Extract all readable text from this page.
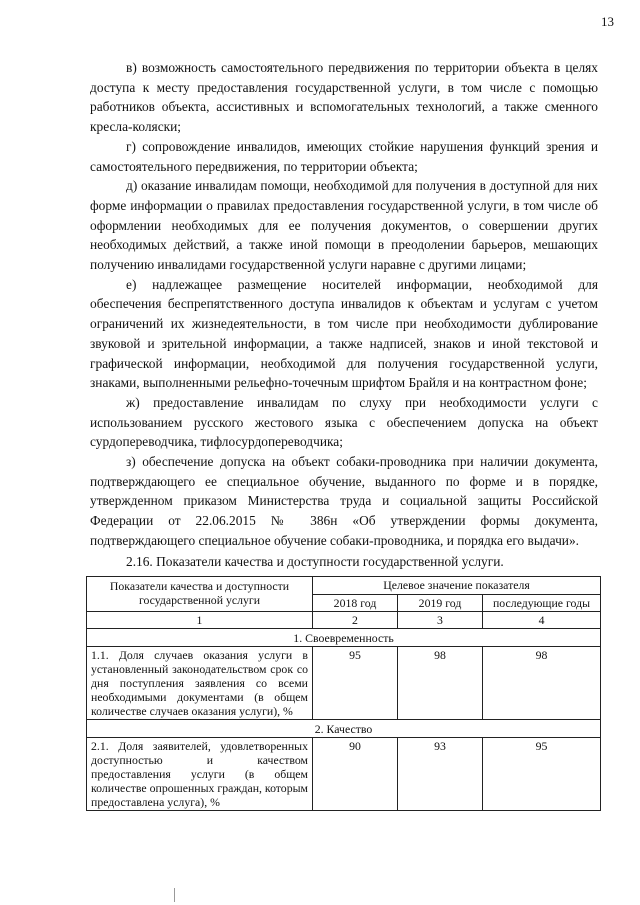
13

в) возможность самостоятельного передвижения по территории объекта в целях доступа к месту предоставления государственной услуги, в том числе с помощью работников объекта, ассистивных и вспомогательных технологий, а также сменного кресла-коляски;

г) сопровождение инвалидов, имеющих стойкие нарушения функций зрения и самостоятельного передвижения, по территории объекта;

д) оказание инвалидам помощи, необходимой для получения в доступной для них форме информации о правилах предоставления государственной услуги, в том числе об оформлении необходимых для ее получения документов, о совершении других необходимых действий, а также иной помощи в преодолении барьеров, мешающих получению инвалидами государственной услуги наравне с другими лицами;

е) надлежащее размещение носителей информации, необходимой для обеспечения беспрепятственного доступа инвалидов к объектам и услугам с учетом ограничений их жизнедеятельности, в том числе при необходимости дублирование звуковой и зрительной информации, а также надписей, знаков и иной текстовой и графической информации, необходимой для получения государственной услуги, знаками, выполненными рельефно-точечным шрифтом Брайля и на контрастном фоне;

ж) предоставление инвалидам по слуху при необходимости услуги с использованием русского жестового языка с обеспечением допуска на объект сурдопереводчика, тифлосурдопереводчика;

з) обеспечение допуска на объект собаки-проводника при наличии документа, подтверждающего ее специальное обучение, выданного по форме и в порядке, утвержденном приказом Министерства труда и социальной защиты Российской Федерации от 22.06.2015 № 386н «Об утверждении формы документа, подтверждающего специальное обучение собаки-проводника, и порядка его выдачи».

2.16. Показатели качества и доступности государственной услуги.

Показатели качества и доступности государственной услуги	Целевое значение показателя		
	2018 год	2019 год	последующие годы
1	2	3	4
1. Своевременность			
1.1. Доля случаев оказания услуги в установленный законодательством срок со дня поступления заявления со всеми необходимыми документами (в общем количестве случаев оказания услуги), %	95	98	98
2. Качество			
2.1. Доля заявителей, удовлетворенных доступностью и качеством предоставления услуги (в общем количестве опрошенных граждан, которым предоставлена услуга), %	90	93	95
